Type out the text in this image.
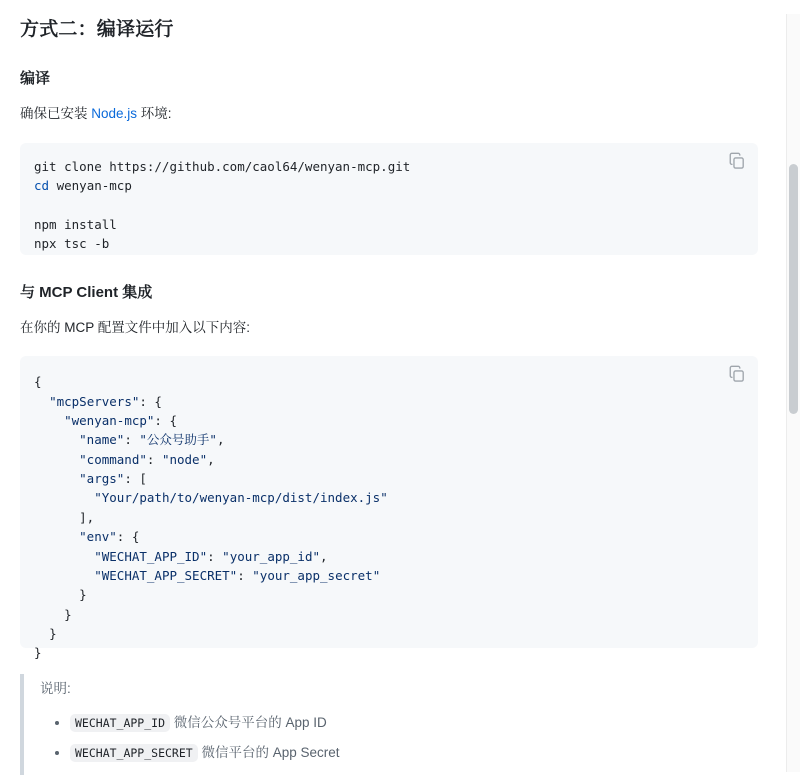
方式二：编译运行
编译

确保已安装 Node.js 环境:

git clone https://github.com/caol64/wenyan-mcp.git
cd wenyan-mcp

npm install
npx tsc -b
与 MCP Client 集成

在你的 MCP 配置文件中加入以下内容:

{
"mcpServers": {
"wenyan-mcp": {
"name": "公众号助手",
"command": "node",
"args": [
"Your/path/to/wenyan-mcp/dist/index.js"
],
"env": {
"WECHAT_APP_ID": "your_app_id",
"WECHAT_APP_SECRET": "your_app_secret"
}
}
}
}

说明:

• WECHAT_APP_ID 微信公众号平台的 App ID
• WECHAT_APP_SECRET 微信平台的 App Secret
